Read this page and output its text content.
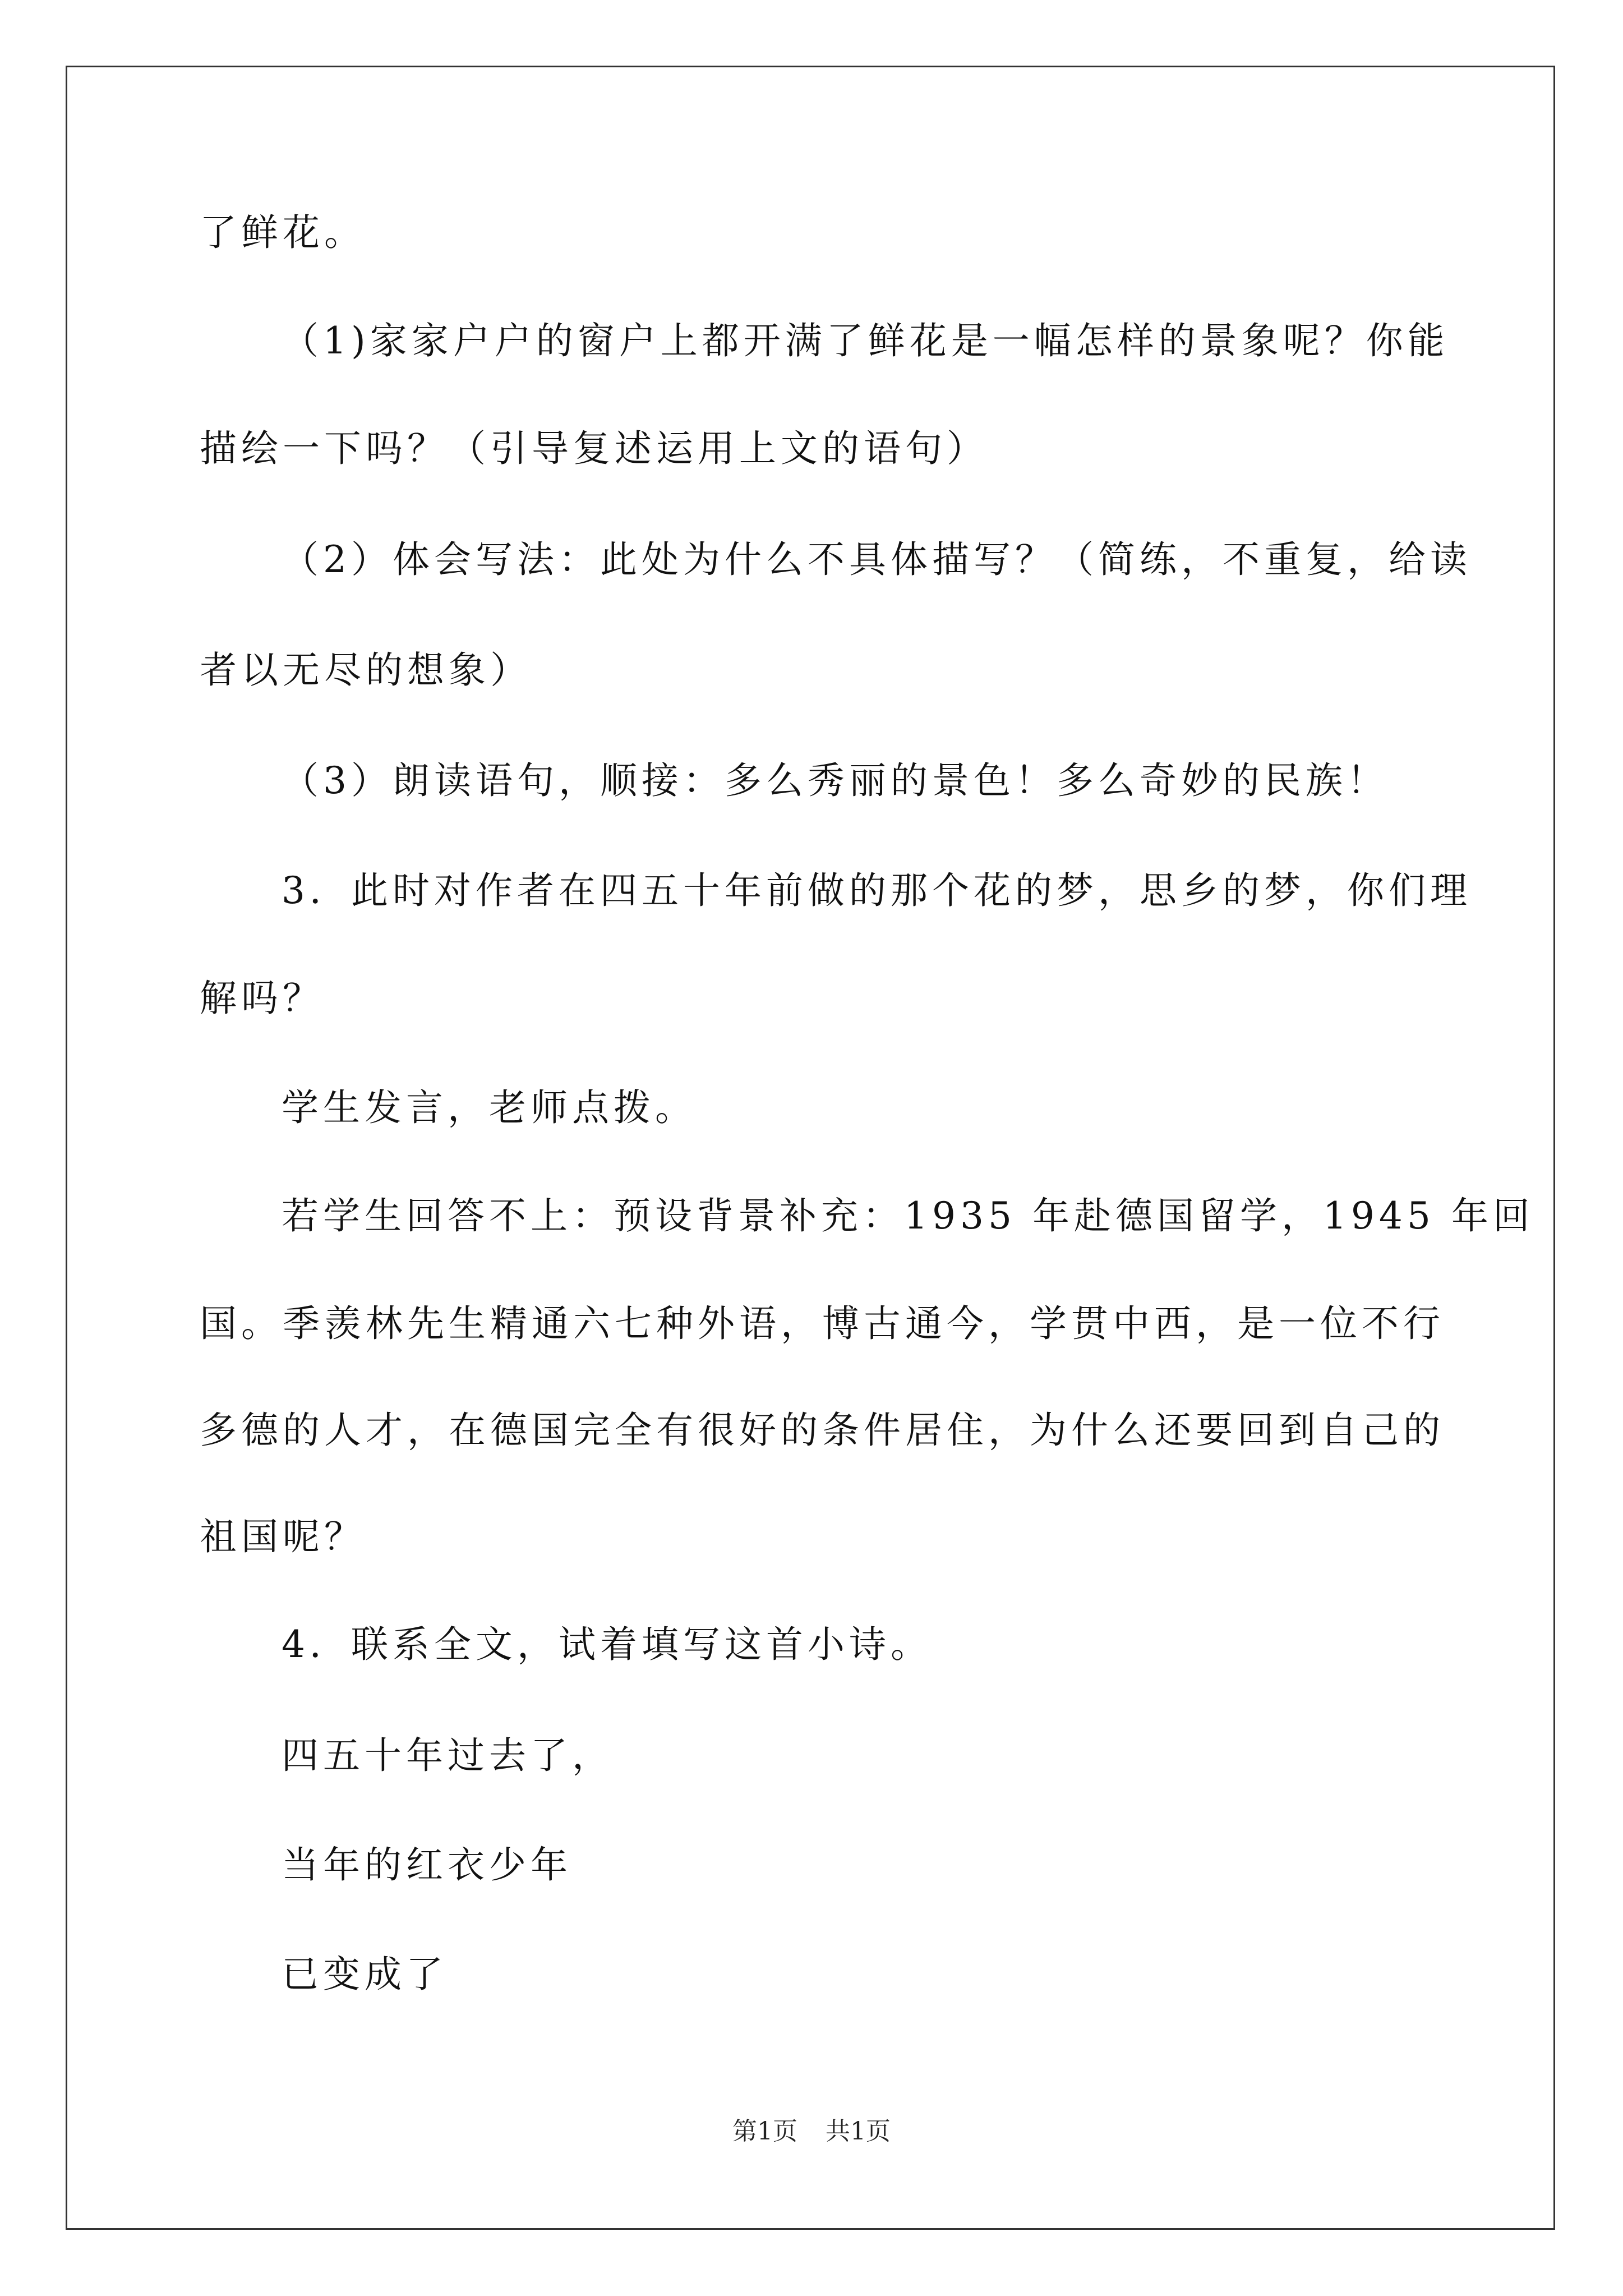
了鲜花。
（1)家家户户的窗户上都开满了鲜花是一幅怎样的景象呢？你能
描绘一下吗？（引导复述运用上文的语句）
（2）体会写法：此处为什么不具体描写？（简练，不重复，给读
者以无尽的想象）
（3）朗读语句，顺接：多么秀丽的景色！多么奇妙的民族！
3．此时对作者在四五十年前做的那个花的梦，思乡的梦，你们理
解吗？
学生发言，老师点拨。
若学生回答不上：预设背景补充：1935 年赴德国留学，1945 年回
国。季羡林先生精通六七种外语，博古通今，学贯中西，是一位不行
多德的人才，在德国完全有很好的条件居住，为什么还要回到自己的
祖国呢？
4．联系全文，试着填写这首小诗。
四五十年过去了，
当年的红衣少年
已变成了
第1页 共1页
